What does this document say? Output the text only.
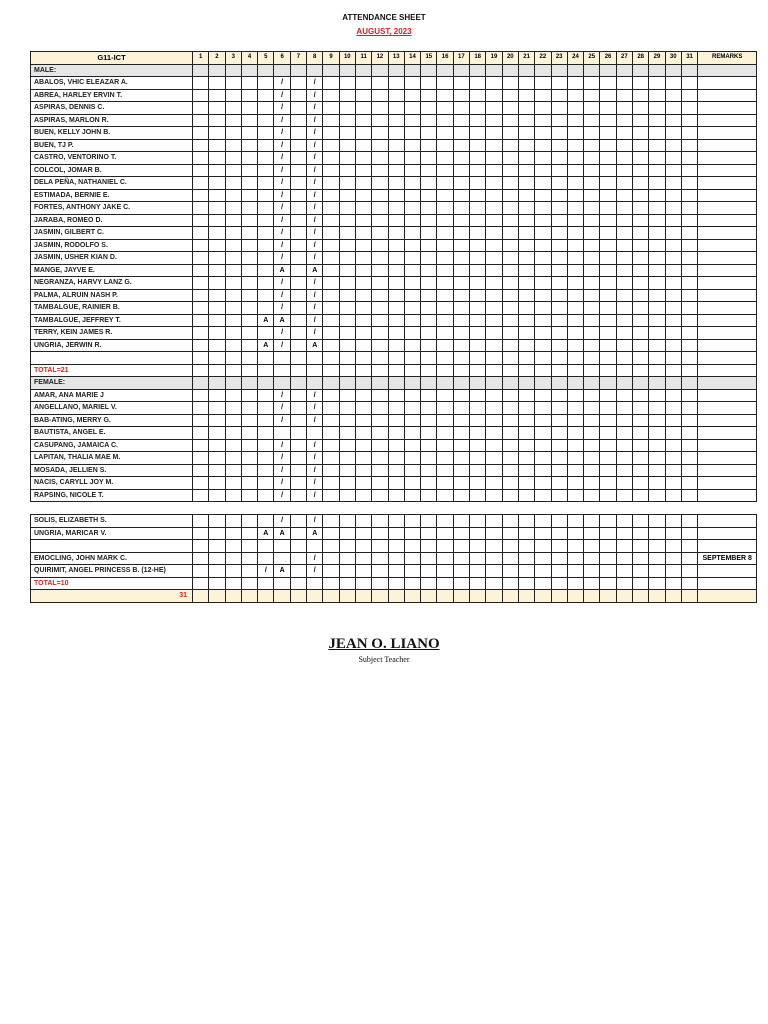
ATTENDANCE SHEET
AUGUST, 2023
G11-ICT	1	2	3	4	5	6	7	8	9	10	11	12	13	14	15	16	17	18	19	20	21	22	23	24	25	26	27	28	29	30	31	REMARKS
MALE:																																
ABALOS, VHIC ELEAZAR A.						/		/																								
ABREA, HARLEY ERVIN T.						/		/																								
ASPIRAS, DENNIS C.						/		/																								
ASPIRAS, MARLON R.						/		/																								
BUEN, KELLY JOHN B.						/		/																								
BUEN, TJ P.						/		/																								
CASTRO, VENTORINO T.						/		/																								
COLCOL, JOMAR B.						/		/																								
DELA PEÑA, NATHANIEL C.						/		/																								
ESTIMADA, BERNIE E.						/		/																								
FORTES, ANTHONY JAKE C.						/		/																								
JARABA, ROMEO D.						/		/																								
JASMIN, GILBERT C.						/		/																								
JASMIN, RODOLFO S.						/		/																								
JASMIN, USHER KIAN D.						/		/																								
MANGE, JAYVE E.						A		A																								
NEGRANZA, HARVY LANZ G.						/		/																								
PALMA, ALRUIN NASH P.						/		/																								
TAMBALGUE, RAINIER B.						/		/																								
TAMBALGUE, JEFFREY T.					A	A		/																								
TERRY, KEIN JAMES R.						/		/																								
UNGRIA, JERWIN R.					A	/		A																								

TOTAL=21																																
FEMALE:																																
AMAR, ANA MARIE J						/		/																								
ANGELLANO, MARIEL V.						/		/																								
BAB-ATING, MERRY G.						/		/																								
BAUTISTA, ANGEL E.																																
CASUPANG, JAMAICA C.						/		/																								
LAPITAN, THALIA MAE M.						/		/																								
MOSADA, JELLIEN S.						/		/																								
NACIS, CARYLL JOY M.						/		/																								
RAPSING, NICOLE T.						/		/																								

SOLIS, ELIZABETH S.						/		/																								
UNGRIA, MARICAR V.					A	A		A																								

EMOCLING, JOHN MARK C.								/																								SEPTEMBER 8
QUIRIMIT, ANGEL PRINCESS B. (12-HE)					/	A		/																								
TOTAL=10																																
31																																
JEAN O. LIANO
Subject Teacher
